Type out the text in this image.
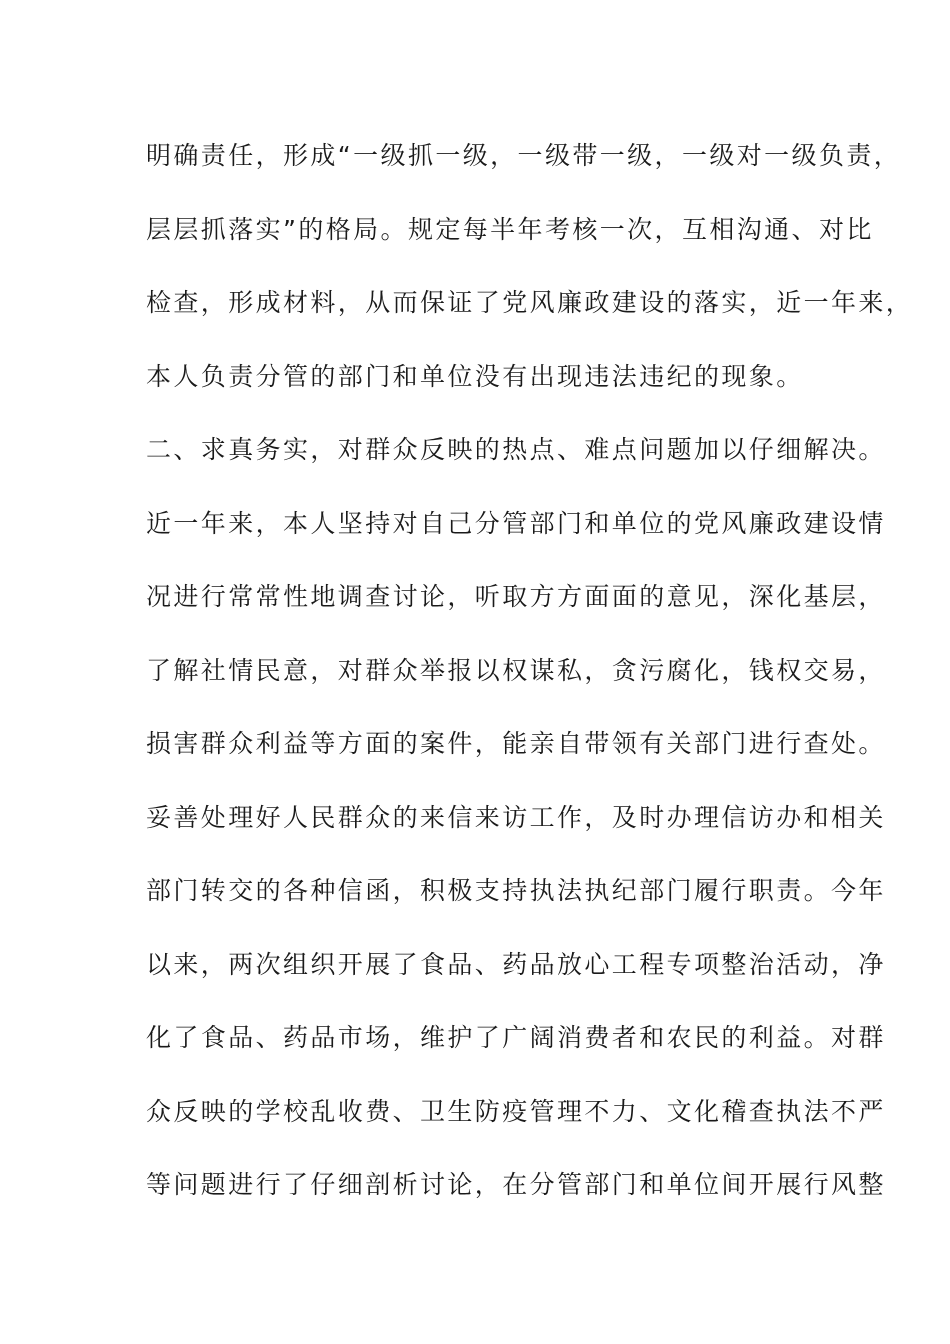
明确责任，形成“一级抓一级，一级带一级，一级对一级负责，
层层抓落实”的格局。规定每半年考核一次，互相沟通、对比
检查，形成材料，从而保证了党风廉政建设的落实，近一年来，
本人负责分管的部门和单位没有出现违法违纪的现象。
二、求真务实，对群众反映的热点、难点问题加以仔细解决。
近一年来，本人坚持对自己分管部门和单位的党风廉政建设情
况进行常常性地调查讨论，听取方方面面的意见，深化基层，
了解社情民意，对群众举报以权谋私，贪污腐化，钱权交易，
损害群众利益等方面的案件，能亲自带领有关部门进行查处。
妥善处理好人民群众的来信来访工作，及时办理信访办和相关
部门转交的各种信函，积极支持执法执纪部门履行职责。今年
以来，两次组织开展了食品、药品放心工程专项整治活动，净
化了食品、药品市场，维护了广阔消费者和农民的利益。对群
众反映的学校乱收费、卫生防疫管理不力、文化稽查执法不严
等问题进行了仔细剖析讨论，在分管部门和单位间开展行风整
